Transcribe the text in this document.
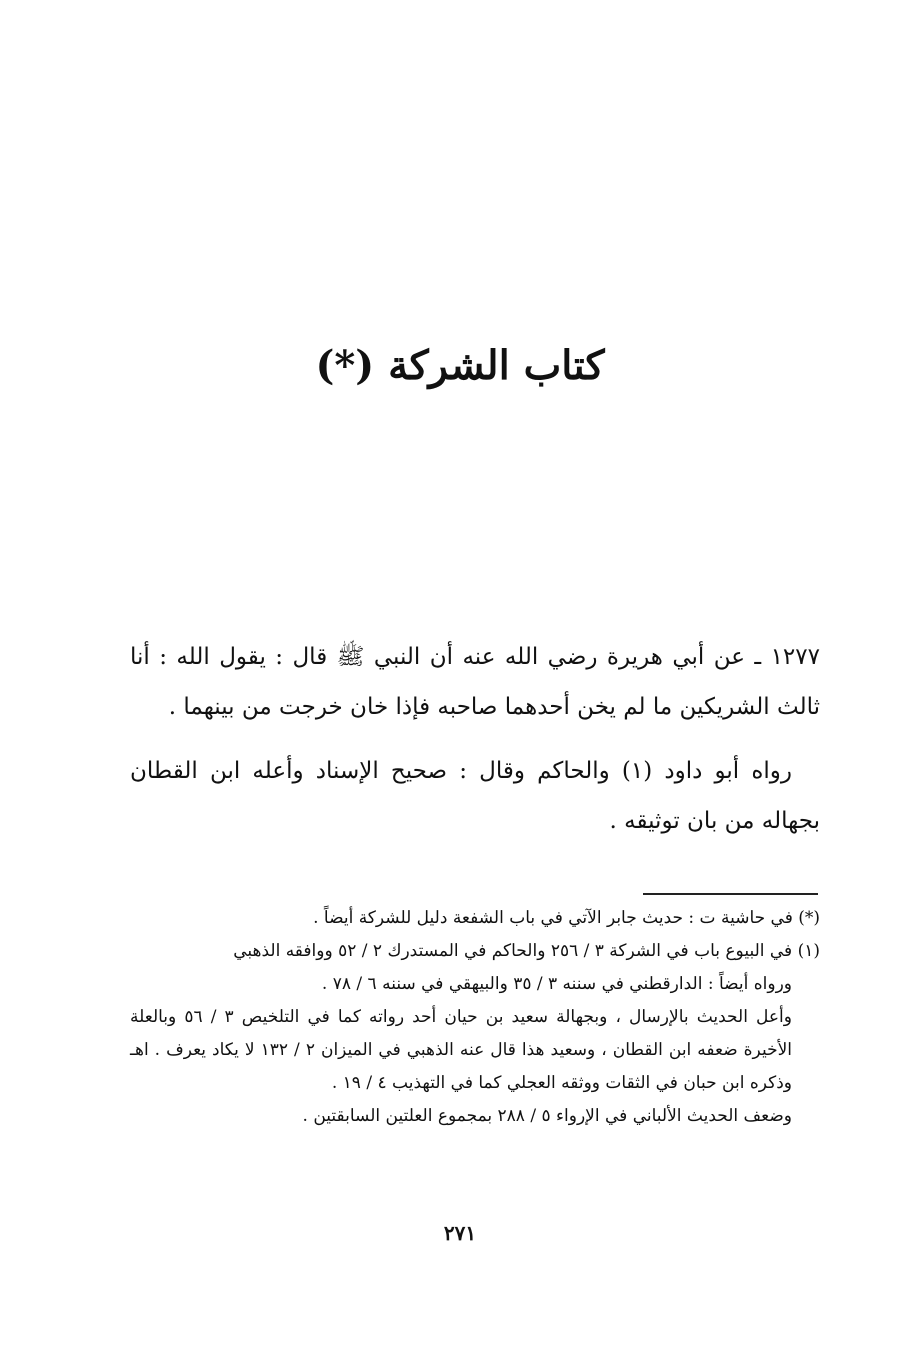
كتاب الشركة (*)

١٢٧٧ ـ عن أبي هريرة رضي الله عنه أن النبي ﷺ قال : يقول الله : أنا ثالث الشريكين ما لم يخن أحدهما صاحبه فإذا خان خرجت من بينهما .

رواه أبو داود (١) والحاكم وقال : صحيح الإسناد وأعله ابن القطان بجهاله من بان توثيقه .

(*) في حاشية ت : حديث جابر الآتي في باب الشفعة دليل للشركة أيضاً .

(١) في البيوع باب في الشركة ٣ / ٢٥٦ والحاكم في المستدرك ٢ / ٥٢ ووافقه الذهبي

ورواه أيضاً : الدارقطني في سننه ٣ / ٣٥ والبيهقي في سننه ٦ / ٧٨ .

وأعل الحديث بالإرسال ، وبجهالة سعيد بن حيان أحد رواته كما في التلخيص ٣ / ٥٦ وبالعلة الأخيرة ضعفه ابن القطان ، وسعيد هذا قال عنه الذهبي في الميزان ٢ / ١٣٢ لا يكاد يعرف . اهـ وذكره ابن حبان في الثقات ووثقه العجلي كما في التهذيب ٤ / ١٩ .

وضعف الحديث الألباني في الإرواء ٥ / ٢٨٨ بمجموع العلتين السابقتين .

٢٧١
